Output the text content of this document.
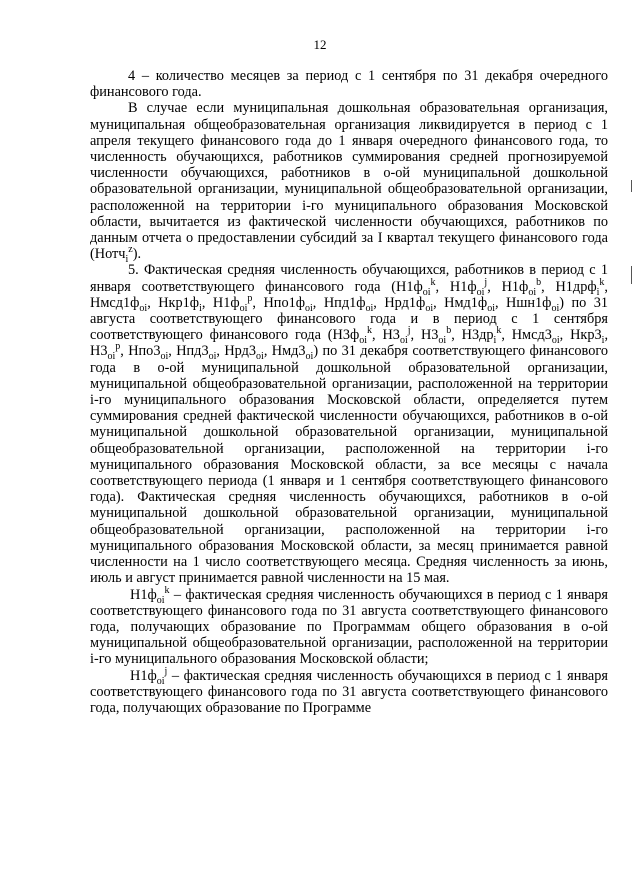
12

4 – количество месяцев за период с 1 сентября по 31 декабря очередного финансового года.

В случае если муниципальная дошкольная образовательная организация, муниципальная общеобразовательная организация ликвидируется в период с 1 апреля текущего финансового года до 1 января очередного финансового года, то численность обучающихся, работников суммирования средней прогнозируемой численности обучающихся, работников в о-ой муниципальной дошкольной образовательной организации, муниципальной общеобразовательной организации, расположенной на территории i-го муниципального образования Московской области, вычитается из фактической численности обучающихся, работников по данным отчета о предоставлении субсидий за I квартал текущего финансового года (Нотч$_i^z$).

5. Фактическая средняя численность обучающихся, работников в период с 1 января соответствующего финансового года ($Н1ф_{oi}^k$, $Н1ф_{oi}^j$, $Н1ф_{oi}^b$, Н1дрф$_i^k$, $Нмсд1ф_{oi}$, $Нкр1ф_i$, $Н1ф_{oi}^p$, $Нпо1ф_{oi}$, $Нпд1ф_{oi}$, $Нрд1ф_{oi}$, $Нмд1ф_{oi}$, $Ншн1ф_{oi}$) по 31 августа соответствующего финансового года и в период с 1 сентября соответствующего финансового года ($Н3ф_{oi}^k$, $Н3_{oi}^j$, $Н3_{oi}^b$, $Н3др_i^k$, $Нмсд3_{oi}$, $Нкр3_i$, $Н3_{oi}^p$, $Нпо3_{oi}$, $Нпд3_{oi}$, $Нрд3_{oi}$, $Нмд3_{oi}$) по 31 декабря соответствующего финансового года в о-ой муниципальной дошкольной образовательной организации, муниципальной общеобразовательной организации, расположенной на территории i-го муниципального образования Московской области, определяется путем суммирования средней фактической численности обучающихся, работников в о-ой муниципальной дошкольной образовательной организации, муниципальной общеобразовательной организации, расположенной на территории i-го муниципального образования Московской области, за все месяцы с начала соответствующего периода (1 января и 1 сентября соответствующего финансового года). Фактическая средняя численность обучающихся, работников в о-ой муниципальной дошкольной образовательной организации, муниципальной общеобразовательной организации, расположенной на территории i-го муниципального образования Московской области, за месяц принимается равной численности на 1 число соответствующего месяца. Средняя численность за июнь, июль и август принимается равной численности на 15 мая.

$Н1ф_{oi}^k$ – фактическая средняя численность обучающихся в период с 1 января соответствующего финансового года по 31 августа соответствующего финансового года, получающих образование по Программам общего образования в о-ой муниципальной общеобразовательной организации, расположенной на территории i-го муниципального образования Московской области;

$Н1ф_{oi}^j$ – фактическая средняя численность обучающихся в период с 1 января соответствующего финансового года по 31 августа соответствующего финансового года, получающих образование по Программе
